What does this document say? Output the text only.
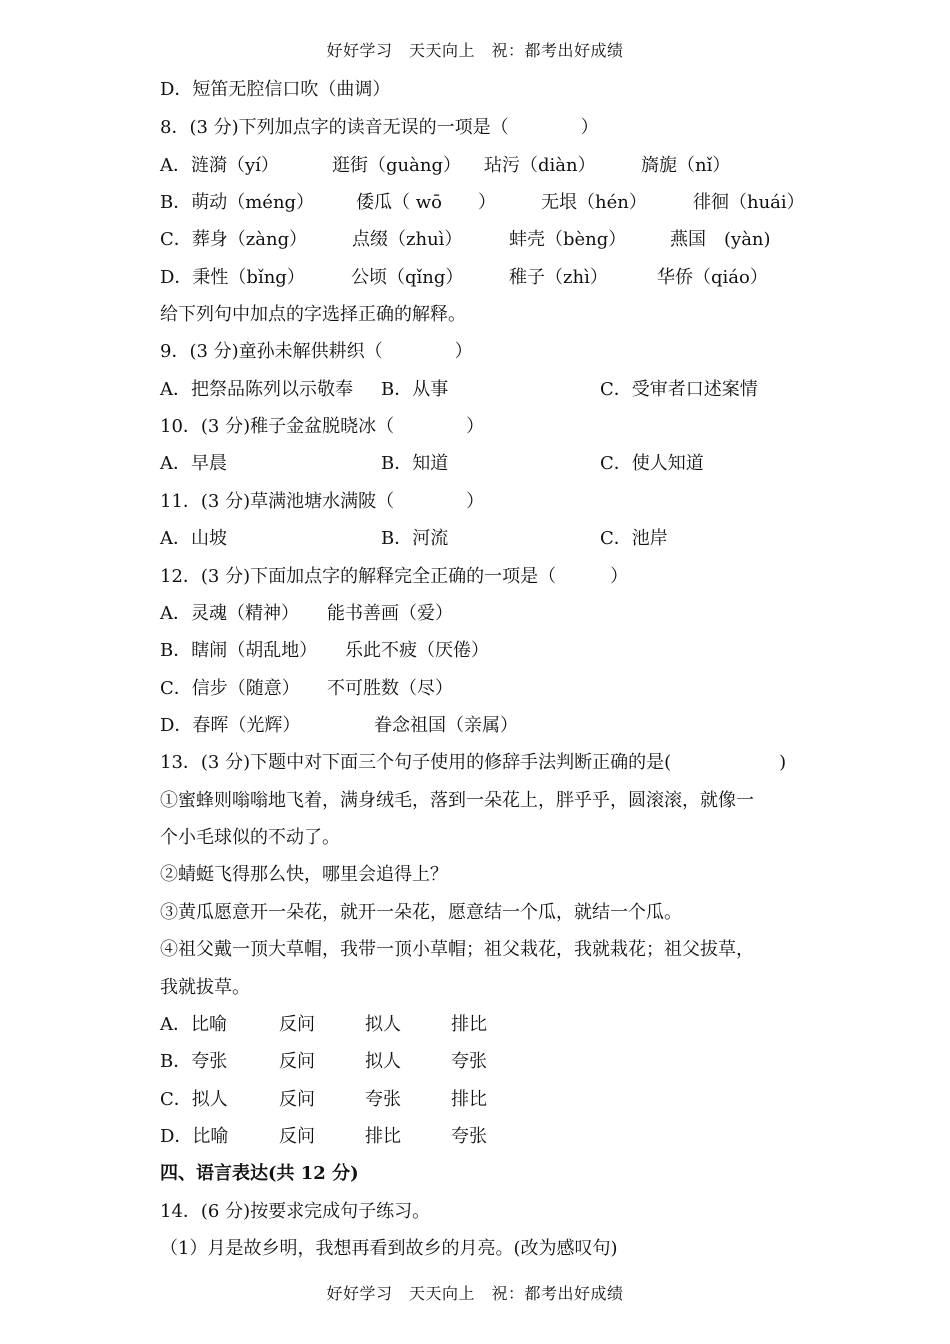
好好学习　天天向上　祝：都考出好成绩
D．短笛无腔信口吹（曲调）
8．(3 分)下列加点字的读音无误的一项是（　　　　）
A．涟漪（yí）	逛街（guàng） 玷污（diàn）	旖旎（nǐ）
B．萌动（méng） 倭瓜（ wō　　）	无垠（hén）	徘徊（huái）
C．葬身（zàng） 点缀（zhuì）	蚌壳（bèng） 燕国　(yàn)
D．秉性（bǐng）	公顷（qǐng）	稚子（zhì）	华侨（qiáo）
给下列句中加点的字选择正确的解释。
9．(3 分)童孙未解供耕织（　　　　）
A．把祭品陈列以示敬奉 B．从事	C．受审者口述案情
10．(3 分)稚子金盆脱晓冰（　　　　）
A．早晨	B．知道	C．使人知道
11．(3 分)草满池塘水满陂（　　　　）
A．山坡	B．河流	C．池岸
12．(3 分)下面加点字的解释完全正确的一项是（　　　）
A．灵魂（精神） 能书善画（爱）
B．瞎闹（胡乱地） 乐此不疲（厌倦）
C．信步（随意） 不可胜数（尽）
D．春晖（光辉）	眷念祖国（亲属）
13．(3 分)下题中对下面三个句子使用的修辞手法判断正确的是(　　　　　　)
①蜜蜂则嗡嗡地飞着，满身绒毛，落到一朵花上，胖乎乎，圆滚滚，就像一
个小毛球似的不动了。
②蜻蜓飞得那么快，哪里会追得上？
③黄瓜愿意开一朵花，就开一朵花，愿意结一个瓜，就结一个瓜。
④祖父戴一顶大草帽，我带一顶小草帽；祖父栽花，我就栽花；祖父拔草，
我就拔草。
A．比喻	反问	拟人	排比
B．夸张	反问	拟人	夸张
C．拟人	反问	夸张	排比
D．比喻	反问	排比	夸张
四、语言表达(共 12 分)
14．(6 分)按要求完成句子练习。
（1）月是故乡明，我想再看到故乡的月亮。(改为感叹句)
好好学习　天天向上　祝：都考出好成绩
